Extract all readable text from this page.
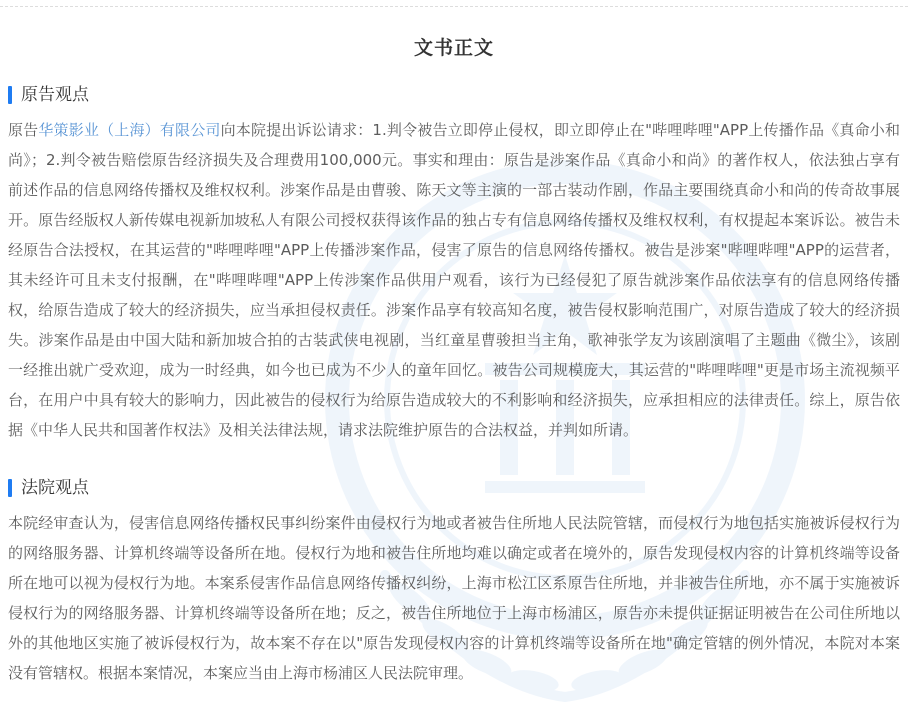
文书正文
原告观点

原告华策影业（上海）有限公司向本院提出诉讼请求：1.判令被告立即停止侵权，即立即停止在"哔哩哔哩"APP上传播作品《真命小和尚》；2.判令被告赔偿原告经济损失及合理费用100,000元。事实和理由：原告是涉案作品《真命小和尚》的著作权人，依法独占享有前述作品的信息网络传播权及维权权利。涉案作品是由曹骏、陈天文等主演的一部古装动作剧，作品主要围绕真命小和尚的传奇故事展开。原告经版权人新传媒电视新加坡私人有限公司授权获得该作品的独占专有信息网络传播权及维权权利，有权提起本案诉讼。被告未经原告合法授权，在其运营的"哔哩哔哩"APP上传播涉案作品，侵害了原告的信息网络传播权。被告是涉案"哔哩哔哩"APP的运营者，其未经许可且未支付报酬，在"哔哩哔哩"APP上传涉案作品供用户观看，该行为已经侵犯了原告就涉案作品依法享有的信息网络传播权，给原告造成了较大的经济损失，应当承担侵权责任。涉案作品享有较高知名度，被告侵权影响范围广，对原告造成了较大的经济损失。涉案作品是由中国大陆和新加坡合拍的古装武侠电视剧，当红童星曹骏担当主角，歌神张学友为该剧演唱了主题曲《微尘》，该剧一经推出就广受欢迎，成为一时经典，如今也已成为不少人的童年回忆。被告公司规模庞大，其运营的"哔哩哔哩"更是市场主流视频平台，在用户中具有较大的影响力，因此被告的侵权行为给原告造成较大的不利影响和经济损失，应承担相应的法律责任。综上，原告依据《中华人民共和国著作权法》及相关法律法规，请求法院维护原告的合法权益，并判如所请。

法院观点

本院经审查认为，侵害信息网络传播权民事纠纷案件由侵权行为地或者被告住所地人民法院管辖，而侵权行为地包括实施被诉侵权行为的网络服务器、计算机终端等设备所在地。侵权行为地和被告住所地均难以确定或者在境外的，原告发现侵权内容的计算机终端等设备所在地可以视为侵权行为地。本案系侵害作品信息网络传播权纠纷，上海市松江区系原告住所地，并非被告住所地，亦不属于实施被诉侵权行为的网络服务器、计算机终端等设备所在地；反之，被告住所地位于上海市杨浦区，原告亦未提供证据证明被告在公司住所地以外的其他地区实施了被诉侵权行为，故本案不存在以"原告发现侵权内容的计算机终端等设备所在地"确定管辖的例外情况，本院对本案没有管辖权。根据本案情况，本案应当由上海市杨浦区人民法院审理。
